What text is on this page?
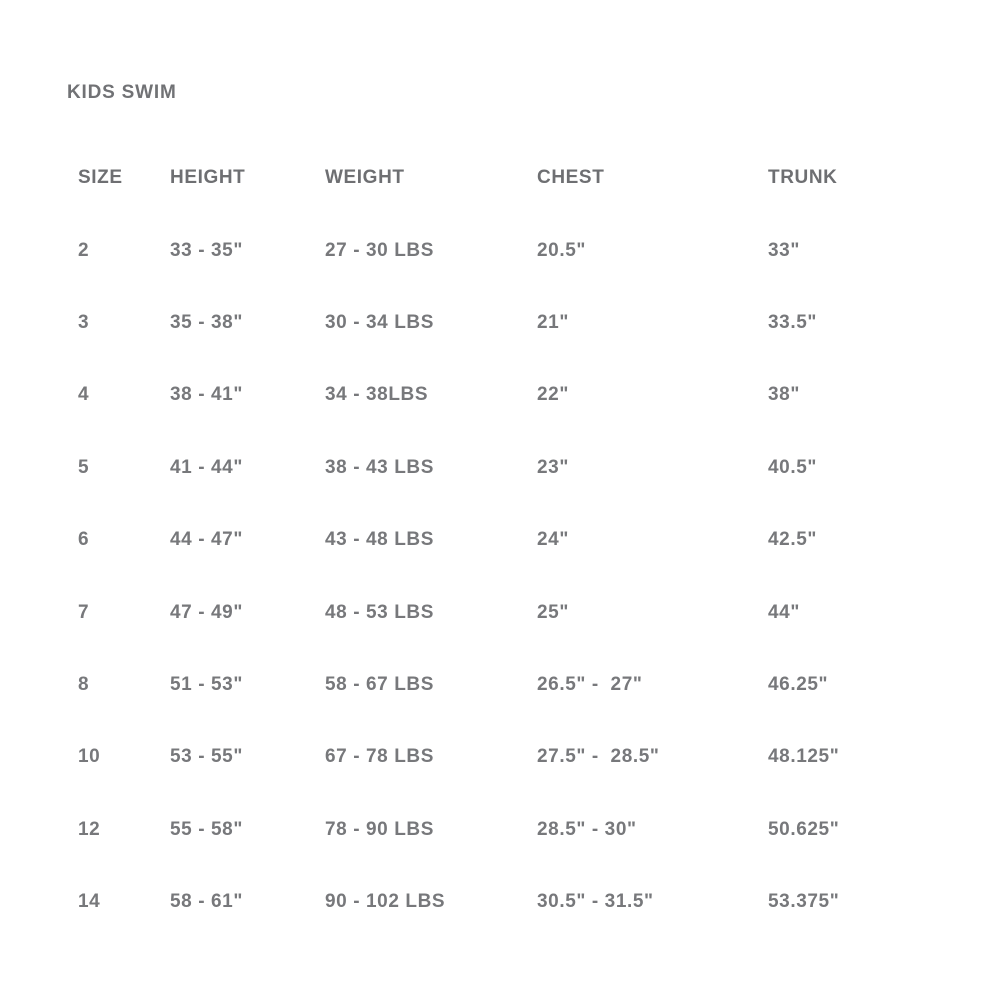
KIDS SWIM
SIZE	HEIGHT	WEIGHT	CHEST	TRUNK
2	33 - 35"	27 - 30 LBS	20.5"	33"
3	35 - 38"	30 - 34 LBS	21"	33.5"
4	38 - 41"	34 - 38LBS	22"	38"
5	41 - 44"	38 - 43 LBS	23"	40.5"
6	44 - 47"	43 - 48 LBS	24"	42.5"
7	47 - 49"	48 - 53 LBS	25"	44"
8	51 - 53"	58 - 67 LBS	26.5" -  27"	46.25"
10	53 - 55"	67 - 78 LBS	27.5" -  28.5"	48.125"
12	55 - 58"	78 - 90 LBS	28.5" - 30"	50.625"
14	58 - 61"	90 - 102 LBS	30.5" - 31.5"	53.375"
